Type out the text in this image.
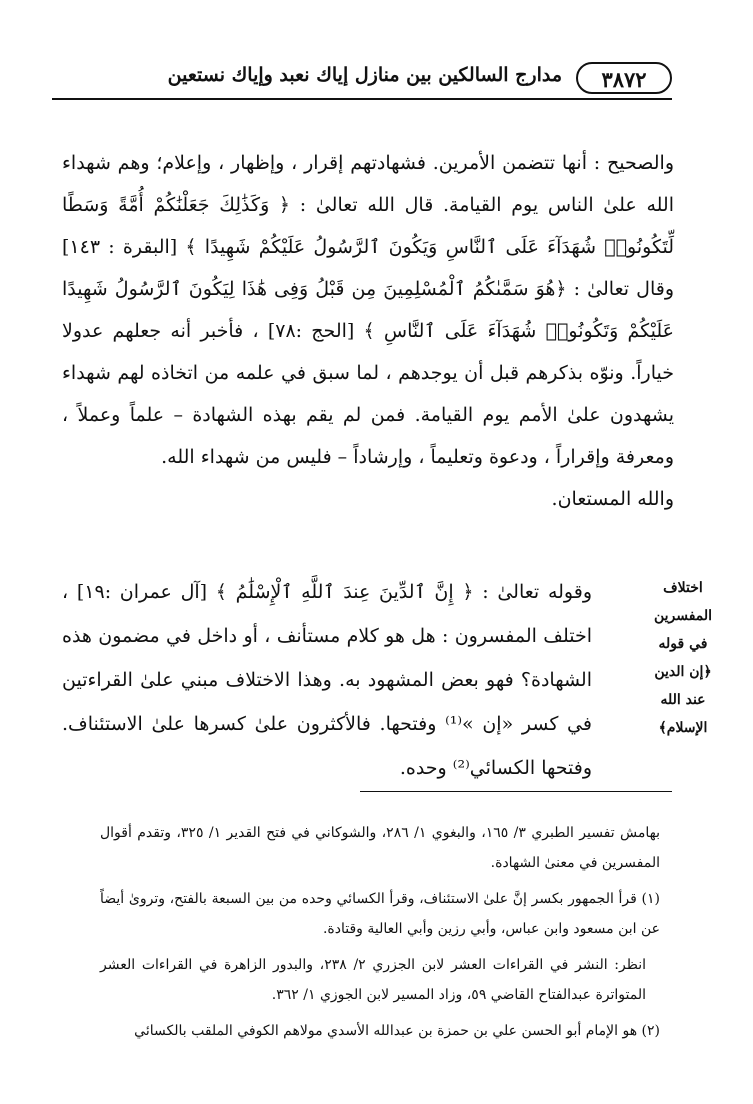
٣٨٧٢
مدارج السالكين بين منازل إياك نعبد وإياك نستعين

والصحيح : أنها تتضمن الأمرين. فشهادتهم إقرار ، وإظهار ، وإعلام؛ وهم شهداء الله علىٰ الناس يوم القيامة. قال الله تعالىٰ : ﴿ وَكَذَٰلِكَ جَعَلْنَٰكُمْ أُمَّةً وَسَطًا لِّتَكُونُوا۟ شُهَدَآءَ عَلَى ٱلنَّاسِ وَيَكُونَ ٱلرَّسُولُ عَلَيْكُمْ شَهِيدًا ﴾ [البقرة : ١٤٣] وقال تعالىٰ : ﴿هُوَ سَمَّىٰكُمُ ٱلْمُسْلِمِينَ مِن قَبْلُ وَفِى هَٰذَا لِيَكُونَ ٱلرَّسُولُ شَهِيدًا عَلَيْكُمْ وَتَكُونُوا۟ شُهَدَآءَ عَلَى ٱلنَّاسِ ﴾ [الحج :٧٨] ، فأخبر أنه جعلهم عدولا خياراً. ونوّه بذكرهم قبل أن يوجدهم ، لما سبق في علمه من اتخاذه لهم شهداء يشهدون علىٰ الأمم يوم القيامة. فمن لم يقم بهذه الشهادة – علماً وعملاً ، ومعرفة وإقراراً ، ودعوة وتعليماً ، وإرشاداً – فليس من شهداء الله.

والله المستعان.

اختلاف
المفسرين
في قوله
﴿إن الدين
عند الله
الإسلام﴾

وقوله تعالىٰ : ﴿ إِنَّ ٱلدِّينَ عِندَ ٱللَّهِ ٱلْإِسْلَٰمُ ﴾ [آل عمران :١٩] ، اختلف المفسرون : هل هو كلام مستأنف ، أو داخل في مضمون هذه الشهادة؟ فهو بعض المشهود به. وهذا الاختلاف مبني علىٰ القراءتين في كسر «إن »⁽¹⁾ وفتحها. فالأكثرون علىٰ كسرها علىٰ الاستئناف. وفتحها الكسائي⁽²⁾ وحده.

بهامش تفسير الطبري ٣/ ١٦٥، والبغوي ١/ ٢٨٦، والشوكاني في فتح القدير ١/ ٣٢٥، وتقدم أقوال المفسرين في معنىٰ الشهادة.

(١) قرأ الجمهور بكسر إنَّ علىٰ الاستئناف، وقرأ الكسائي وحده من بين السبعة بالفتح، وتروىٰ أيضاً عن ابن مسعود وابن عباس، وأبي رزين وأبي العالية وقتادة.

انظر: النشر في القراءات العشر لابن الجزري ٢/ ٢٣٨، والبدور الزاهرة في القراءات العشر المتواترة عبدالفتاح القاضي ٥٩، وزاد المسير لابن الجوزي ١/ ٣٦٢.

(٢) هو الإمام أبو الحسن علي بن حمزة بن عبدالله الأسدي مولاهم الكوفي الملقب بالكسائي
